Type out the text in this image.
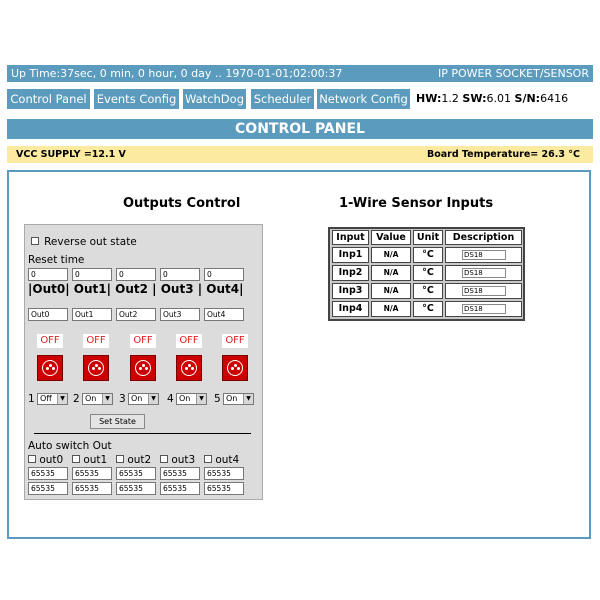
Up Time:37sec, 0 min, 0 hour, 0 day .. 1970-01-01;02:00:37	IP POWER SOCKET/SENSOR
Control Panel Events Config WatchDog Scheduler Network Config HW:1.2 SW:6.01 S/N:6416
CONTROL PANEL
VCC SUPPLY =12.1 V	Board Temperature= 26.3 °C
Outputs Control
Reverse out state
Reset time
0	0	0	0	0
|Out0| Out1| Out2 | Out3 | Out4|
Out0	Out1	Out2	Out3	Out4
OFF	OFF	OFF	OFF	OFF
1 Off	▼ 2 On	▼ 3 On	▼ 4 On	▼ 5 On	▼
Set State
Auto switch Out
out0	out1	out2	out3	out4
65535	65535	65535	65535	65535
65535	65535	65535	65535	65535
1-Wire Sensor Inputs
Input	Value	Unit	Description
Inp1	N/A	°C	DS18
Inp2	N/A	°C	DS18
Inp3	N/A	°C	DS18
Inp4	N/A	°C	DS18
